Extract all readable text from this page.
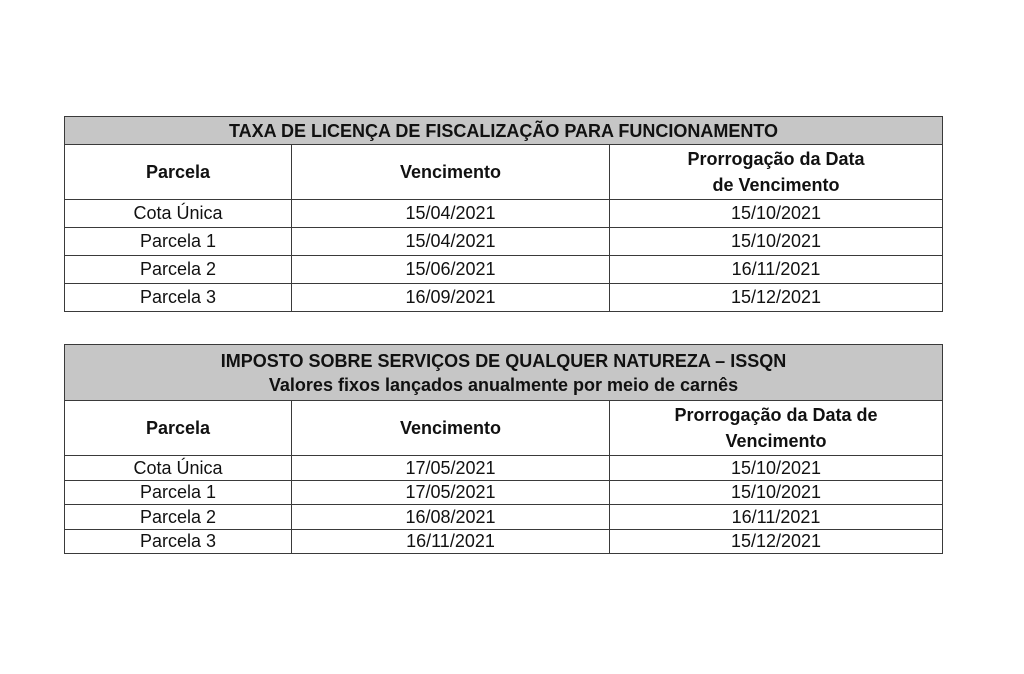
TAXA DE LICENÇA DE FISCALIZAÇÃO PARA FUNCIONAMENTO		
Parcela	Vencimento	Prorrogação da Data
de Vencimento

Cota Única	15/04/2021	15/10/2021
Parcela 1	15/04/2021	15/10/2021
Parcela 2	15/06/2021	16/11/2021
Parcela 3	16/09/2021	15/12/2021
IMPOSTO SOBRE SERVIÇOS DE QUALQUER NATUREZA – ISSQN
Valores fixos lançados anualmente por meio de carnês		

Parcela	Vencimento	Prorrogação da Data de
Vencimento

Cota Única	17/05/2021	15/10/2021
Parcela 1	17/05/2021	15/10/2021
Parcela 2	16/08/2021	16/11/2021
Parcela 3	16/11/2021	15/12/2021
